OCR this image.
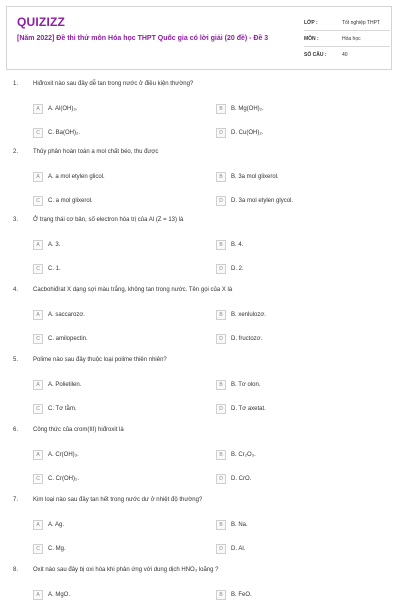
QUIZIZZ
[Năm 2022] Đề thi thử môn Hóa học THPT Quốc gia có lời giải (20 đề) - Đề 3
LỚP :	Tốt nghiệp THPT
MÔN :	Hóa học
SỐ CÂU :	40
1. Hiđroxit nào sau đây dễ tan trong nước ở điều kiện thường?
A	A. Al(OH)₃.	B	B. Mg(OH)₂.
C	C. Ba(OH)₂.	D	D. Cu(OH)₂.
2. Thủy phân hoàn toàn a mol chất béo, thu được
A	A. a mol etylen glicol.	B	B. 3a mol glixerol.
C	C. a mol glixerol.	D	D. 3a mol etylen glycol.
3. Ở trạng thái cơ bản, số electron hóa trị của Al (Z = 13) là
A	A. 3.	B	B. 4.
C	C. 1.	D	D. 2.
4. Cacbohiđrat X dạng sợi màu trắng, không tan trong nước. Tên gọi của X là
A	A. saccarozơ.	B	B. xenlulozơ.
C	C. amilopectin.	D	D. fructozơ.
5. Polime nào sau đây thuộc loại polime thiên nhiên?
A	A. Polietilen.	B	B. Tơ olon.
C	C. Tơ tằm.	D	D. Tơ axetat.
6. Công thức của crom(III) hiđroxit là
A	A. Cr(OH)₃.	B	B. Cr₂O₃.
C	C. Cr(OH)₂.	D	D. CrO.
7. Kim loại nào sau đây tan hết trong nước dư ở nhiệt độ thường?
A	A. Ag.	B	B. Na.
C	C. Mg.	D	D. Al.
8. Oxit nào sau đây bị oxi hóa khi phản ứng với dung dịch HNO₃ loãng ?
A	A. MgO.	B	B. FeO.
